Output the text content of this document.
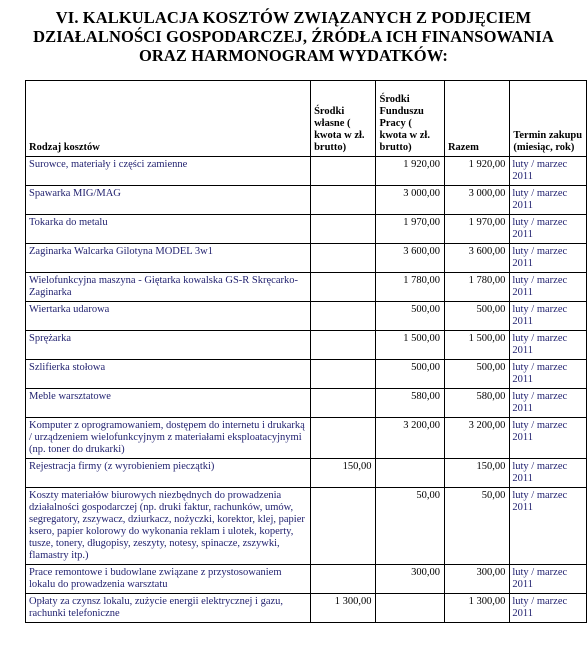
VI. KALKULACJA KOSZTÓW ZWIĄZANYCH Z PODJĘCIEM
DZIAŁALNOŚCI GOSPODARCZEJ, ŹRÓDŁA ICH FINANSOWANIA
ORAZ HARMONOGRAM WYDATKÓW:
Rodzaj kosztów	Środki własne ( kwota w zł. brutto)	Środki Funduszu Pracy ( kwota w zł. brutto)	Razem	Termin zakupu (miesiąc, rok)
Surowce, materiały i części zamienne		1 920,00	1 920,00	luty / marzec 2011
Spawarka MIG/MAG		3 000,00	3 000,00	luty / marzec 2011
Tokarka do metalu		1 970,00	1 970,00	luty / marzec 2011
Zaginarka Walcarka Gilotyna MODEL 3w1		3 600,00	3 600,00	luty / marzec 2011
Wielofunkcyjna maszyna - Giętarka kowalska GS-R Skręcarko-Zaginarka		1 780,00	1 780,00	luty / marzec 2011
Wiertarka udarowa		500,00	500,00	luty / marzec 2011
Sprężarka		1 500,00	1 500,00	luty / marzec 2011
Szlifierka stołowa		500,00	500,00	luty / marzec 2011
Meble warsztatowe		580,00	580,00	luty / marzec 2011
Komputer z oprogramowaniem, dostępem do internetu i drukarką / urządzeniem wielofunkcyjnym z materiałami eksploatacyjnymi (np. toner do drukarki)		3 200,00	3 200,00	luty / marzec 2011
Rejestracja firmy (z wyrobieniem pieczątki)	150,00		150,00	luty / marzec 2011
Koszty materiałów biurowych niezbędnych do prowadzenia działalności gospodarczej (np. druki faktur, rachunków, umów, segregatory, zszywacz, dziurkacz, nożyczki, korektor, klej, papier ksero, papier kolorowy do wykonania reklam i ulotek, koperty, tusze, tonery, długopisy, zeszyty, notesy, spinacze, zszywki, flamastry itp.)		50,00	50,00	luty / marzec 2011
Prace remontowe i budowlane związane z przystosowaniem lokalu do prowadzenia warsztatu		300,00	300,00	luty / marzec 2011
Opłaty za czynsz lokalu, zużycie energii elektrycznej i gazu, rachunki telefoniczne	1 300,00		1 300,00	luty / marzec 2011
